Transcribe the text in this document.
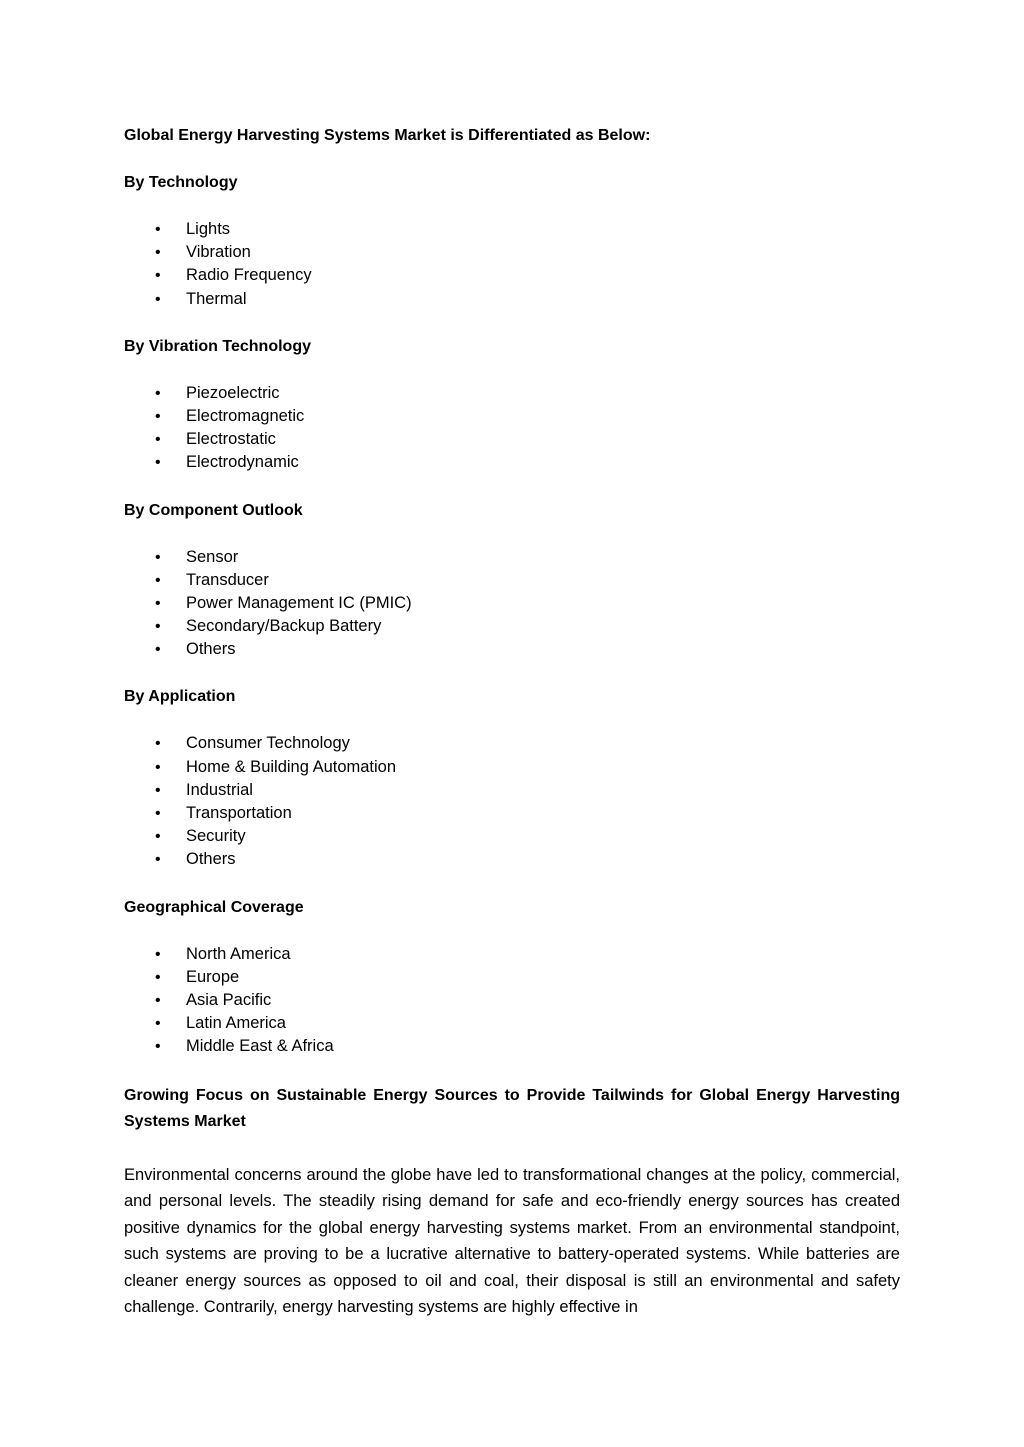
Global Energy Harvesting Systems Market is Differentiated as Below:

By Technology

• Lights
• Vibration
• Radio Frequency
• Thermal

By Vibration Technology

• Piezoelectric
• Electromagnetic
• Electrostatic
• Electrodynamic

By Component Outlook

• Sensor
• Transducer
• Power Management IC (PMIC)
• Secondary/Backup Battery
• Others

By Application

• Consumer Technology
• Home & Building Automation
• Industrial
• Transportation
• Security
• Others

Geographical Coverage

• North America
• Europe
• Asia Pacific
• Latin America
• Middle East & Africa

Growing Focus on Sustainable Energy Sources to Provide Tailwinds for Global Energy Harvesting Systems Market

Environmental concerns around the globe have led to transformational changes at the policy, commercial, and personal levels. The steadily rising demand for safe and eco-friendly energy sources has created positive dynamics for the global energy harvesting systems market. From an environmental standpoint, such systems are proving to be a lucrative alternative to battery-operated systems. While batteries are cleaner energy sources as opposed to oil and coal, their disposal is still an environmental and safety challenge. Contrarily, energy harvesting systems are highly effective in
